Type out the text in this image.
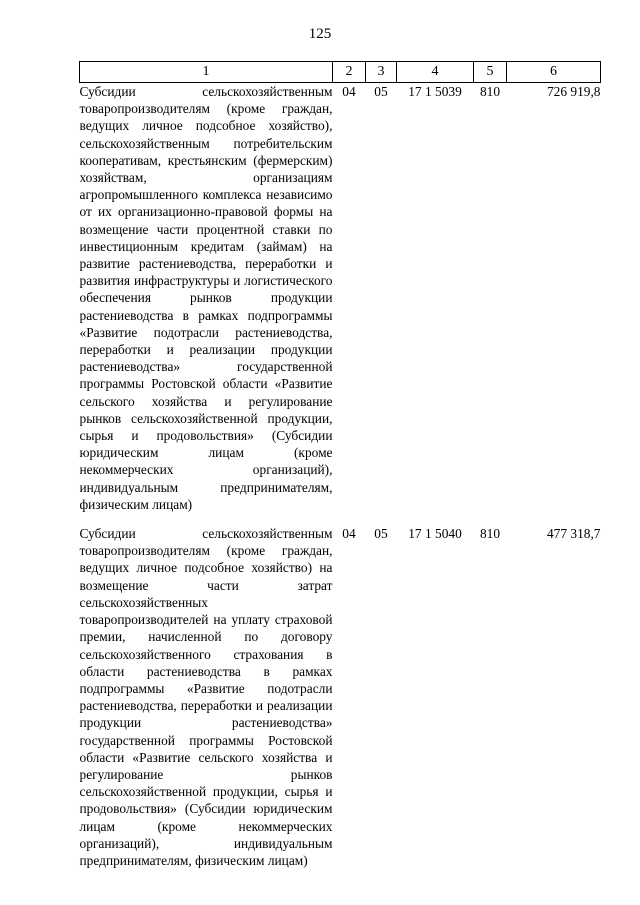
125
1	2	3	4	5	6
Субсидии сельскохозяйственным товаропроизводителям (кроме граждан, ведущих личное подсобное хозяйство), сельскохозяйственным потребительским кооперативам, крестьянским (фермерским) хозяйствам, организациям агропромышленного комплекса независимо от их организационно-правовой формы на возмещение части процентной ставки по инвестиционным кредитам (займам) на развитие растениеводства, переработки и развития инфраструктуры и логистического обеспечения рынков продукции растениеводства в рамках подпрограммы «Развитие подотрасли растениеводства, переработки и реализации продукции растениеводства» государственной программы Ростовской области «Развитие сельского хозяйства и регулирование рынков сельскохозяйственной продукции, сырья и продовольствия» (Субсидии юридическим лицам (кроме некоммерческих организаций), индивидуальным предпринимателям, физическим лицам)	04	05	17 1 5039	810	726 919,8

Субсидии сельскохозяйственным товаропроизводителям (кроме граждан, ведущих личное подсобное хозяйство) на возмещение части затрат сельскохозяйственных товаропроизводителей на уплату страховой премии, начисленной по договору сельскохозяйственного страхования в области растениеводства в рамках подпрограммы «Развитие подотрасли растениеводства, переработки и реализации продукции растениеводства» государственной программы Ростовской области «Развитие сельского хозяйства и регулирование рынков сельскохозяйственной продукции, сырья и продовольствия» (Субсидии юридическим лицам (кроме некоммерческих организаций), индивидуальным предпринимателям, физическим лицам)	04	05	17 1 5040	810	477 318,7
